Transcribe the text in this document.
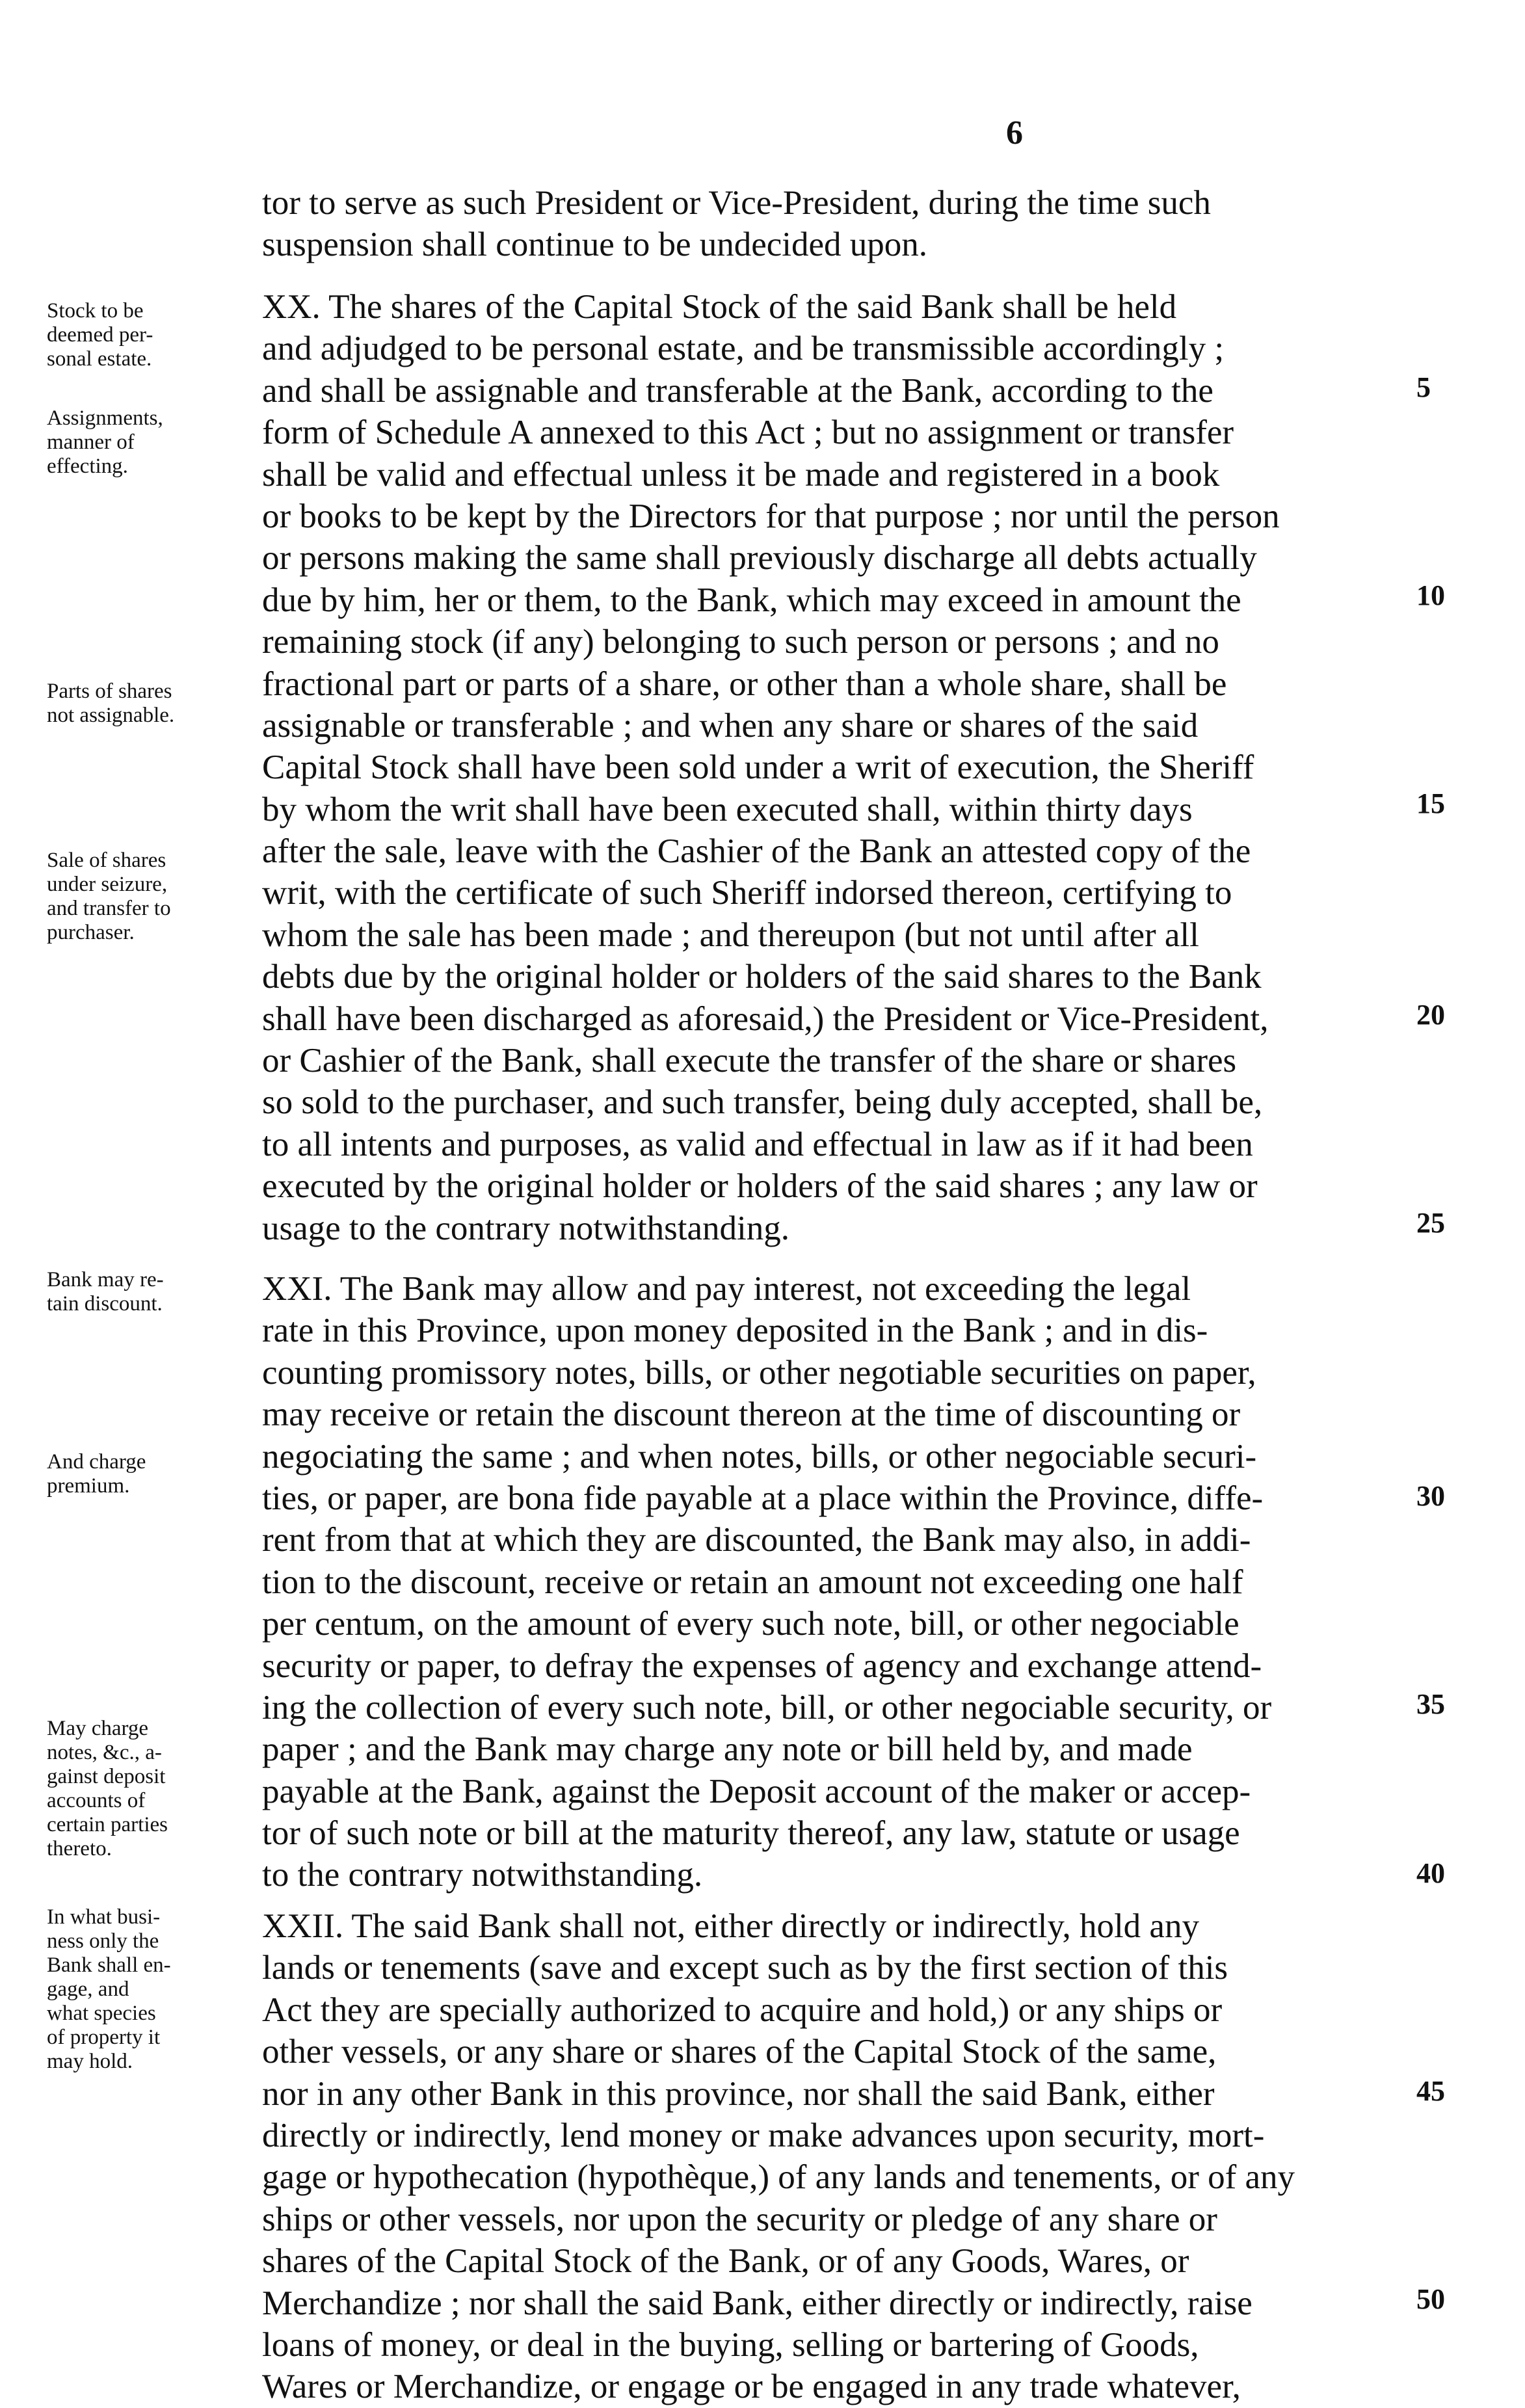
6
tor to serve as such President or Vice-President, during the time such
suspension shall continue to be undecided upon.
XX. The shares of the Capital Stock of the said Bank shall be held
and adjudged to be personal estate, and be transmissible accordingly ;
and shall be assignable and transferable at the Bank, according to the
form of Schedule A annexed to this Act ; but no assignment or transfer
shall be valid and effectual unless it be made and registered in a book
or books to be kept by the Directors for that purpose ; nor until the person
or persons making the same shall previously discharge all debts actually
due by him, her or them, to the Bank, which may exceed in amount the
remaining stock (if any) belonging to such person or persons ; and no
fractional part or parts of a share, or other than a whole share, shall be
assignable or transferable ; and when any share or shares of the said
Capital Stock shall have been sold under a writ of execution, the Sheriff
by whom the writ shall have been executed shall, within thirty days
after the sale, leave with the Cashier of the Bank an attested copy of the
writ, with the certificate of such Sheriff indorsed thereon, certifying to
whom the sale has been made ; and thereupon (but not until after all
debts due by the original holder or holders of the said shares to the Bank
shall have been discharged as aforesaid,) the President or Vice-President,
or Cashier of the Bank, shall execute the transfer of the share or shares
so sold to the purchaser, and such transfer, being duly accepted, shall be,
to all intents and purposes, as valid and effectual in law as if it had been
executed by the original holder or holders of the said shares ; any law or
usage to the contrary notwithstanding.
XXI. The Bank may allow and pay interest, not exceeding the legal
rate in this Province, upon money deposited in the Bank ; and in dis-
counting promissory notes, bills, or other negotiable securities on paper,
may receive or retain the discount thereon at the time of discounting or
negociating the same ; and when notes, bills, or other negociable securi-
ties, or paper, are bona fide payable at a place within the Province, diffe-
rent from that at which they are discounted, the Bank may also, in addi-
tion to the discount, receive or retain an amount not exceeding one half
per centum, on the amount of every such note, bill, or other negociable
security or paper, to defray the expenses of agency and exchange attend-
ing the collection of every such note, bill, or other negociable security, or
paper ; and the Bank may charge any note or bill held by, and made
payable at the Bank, against the Deposit account of the maker or accep-
tor of such note or bill at the maturity thereof, any law, statute or usage
to the contrary notwithstanding.
XXII. The said Bank shall not, either directly or indirectly, hold any
lands or tenements (save and except such as by the first section of this
Act they are specially authorized to acquire and hold,) or any ships or
other vessels, or any share or shares of the Capital Stock of the same,
nor in any other Bank in this province, nor shall the said Bank, either
directly or indirectly, lend money or make advances upon security, mort-
gage or hypothecation (hypothèque,) of any lands and tenements, or of any
ships or other vessels, nor upon the security or pledge of any share or
shares of the Capital Stock of the Bank, or of any Goods, Wares, or
Merchandize ; nor shall the said Bank, either directly or indirectly, raise
loans of money, or deal in the buying, selling or bartering of Goods,
Wares or Merchandize, or engage or be engaged in any trade whatever,
Stock to be
deemed per-
sonal estate.
Assignments,
manner of
effecting.
Parts of shares
not assignable.
Sale of shares
under seizure,
and transfer to
purchaser.
Bank may re-
tain discount.
And charge
premium.
May charge
notes, &c., a-
gainst deposit
accounts of
certain parties
thereto.
In what busi-
ness only the
Bank shall en-
gage, and
what species
of property it
may hold.
5
10
15
20
25
30
35
40
45
50
